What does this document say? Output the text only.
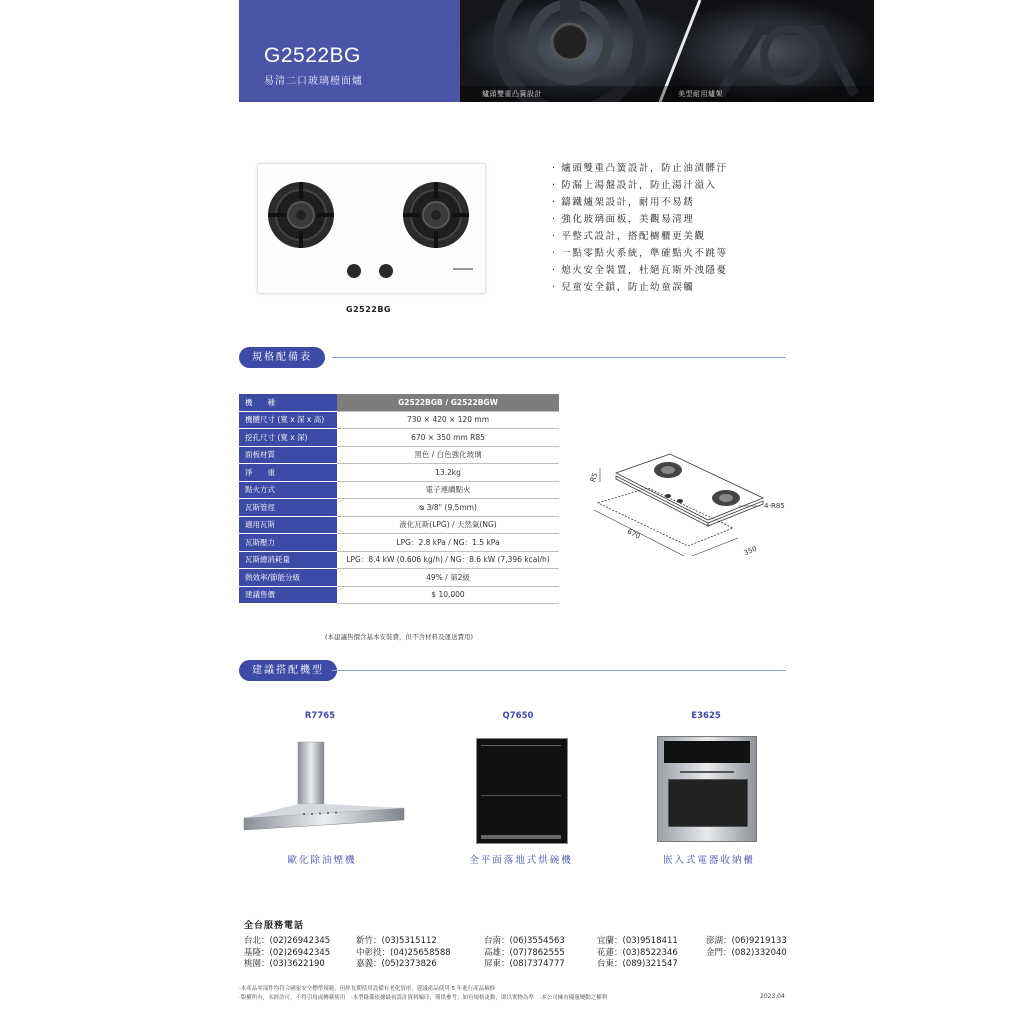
G2522BG
易清二口玻璃檯面爐
爐頭雙重凸簧設計	美型耐用爐架
G2522BG
‧ 爐頭雙重凸簧設計，防止油漬髒汙
‧ 防漏上湯盤設計，防止湯汁溢入
‧ 鑄鐵爐架設計，耐用不易銹
‧ 強化玻璃面板，美觀易清理
‧ 平整式設計，搭配櫥櫃更美觀
‧ 一點零點火系統，準確點火不跳等
‧ 熄火安全裝置，杜絕瓦斯外洩隱憂
‧ 兒童安全鎖，防止幼童誤觸
規格配備表
機　　種	G2522BGB / G2522BGW
機體尺寸 (寬 x 深 x 高)	730 × 420 × 120 mm
挖孔尺寸 (寬 x 深)	670 × 350 mm R85
面板材質	黑色 / 白色強化玻璃
淨　　重	13.2kg
點火方式	電子連續點火
瓦斯管徑	ᴓ 3/8" (9.5mm)
適用瓦斯	液化瓦斯(LPG) / 天然氣(NG)
瓦斯壓力	LPG：2.8 kPa / NG：1.5 kPa
瓦斯總消耗量	LPG：8.4 kW (0.606 kg/h) / NG：8.6 kW (7,396 kcal/h)
熱效率/節能分級	49% / 第2級
建議售價	$ 10,000
(本建議售價含基本安裝費，但不含材料及運送費用)
R5
670
350
4-R85
建議搭配機型
R7765	Q7650	E3625
歐化除油煙機	全平面落地式烘碗機	嵌入式電器收納櫃
全台服務電話
台北：(02)26942345
基隆：(02)26942345
桃園：(03)3622190
新竹：(03)5315112
中彰投：(04)25658588
嘉義：(05)2373826
台南：(06)3554563
高雄：(07)7862555
屏東：(08)7374777
宜蘭：(03)9518411
花蓮：(03)8522346
台東：(089)321547
澎湖：(06)9219133
金門：(082)332040
‧本產品零部件均符合國家安全標準規範，但經長期使用設備有老化情形，建議產品使用 5 年進行產品檢修
‧版權所有，未經許可，不得引用或轉載使用　‧本型錄係依據最初設計資料編印，僅供參考；如有規格更動，則以實物為準　‧本公司擁有優惠變動之權利	2023.04
